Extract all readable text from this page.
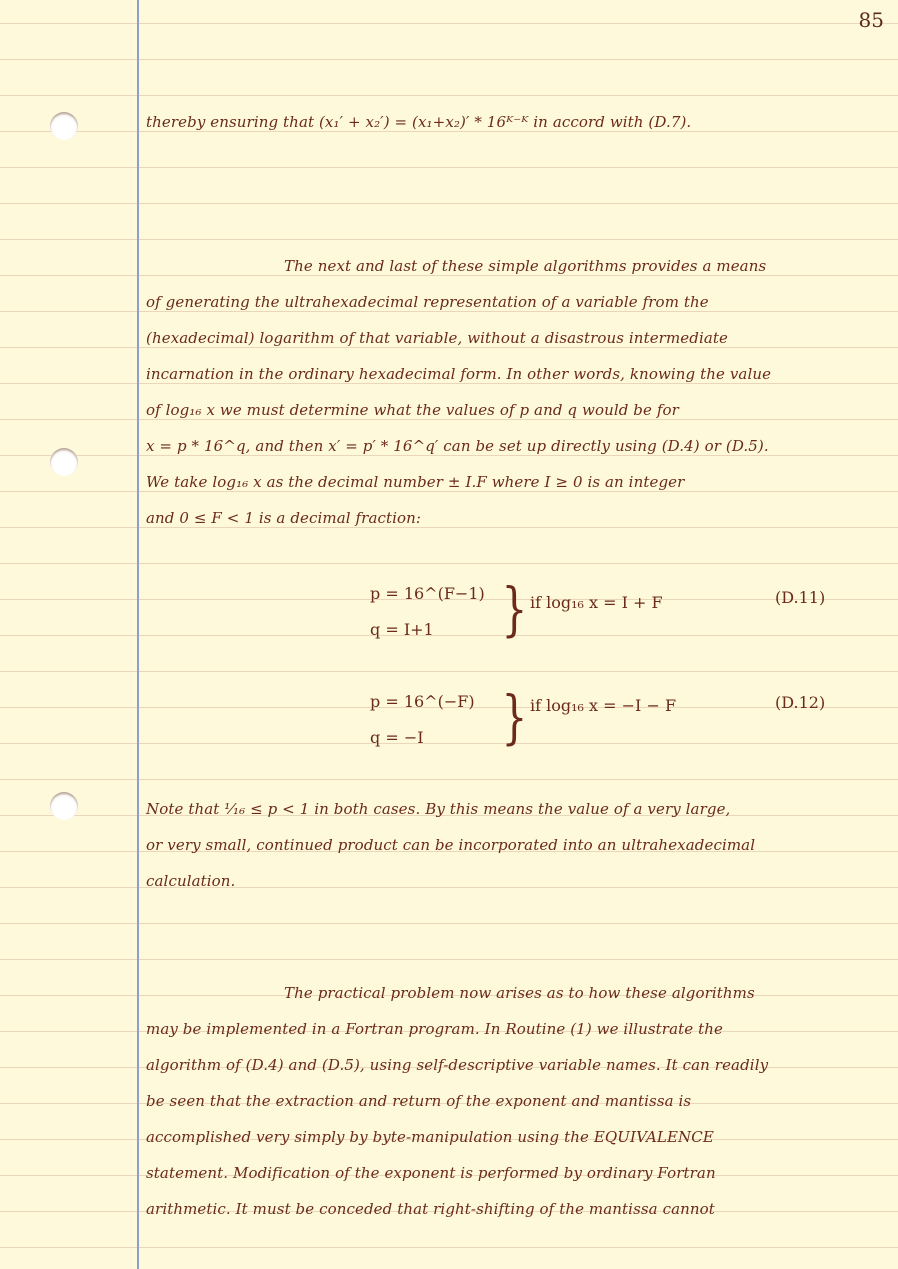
85
thereby ensuring that (x₁′ + x₂′) = (x₁+x₂)′ * 16ᴷ⁻ᴷ in accord with (D.7).
The next and last of these simple algorithms provides a means
of generating the ultrahexadecimal representation of a variable from the
(hexadecimal) logarithm of that variable, without a disastrous intermediate
incarnation in the ordinary hexadecimal form. In other words, knowing the value
of log₁₆ x we must determine what the values of p and q would be for
x = p * 16^q, and then x′ = p′ * 16^q′ can be set up directly using (D.4) or (D.5).
We take log₁₆ x as the decimal number ± I.F where I ≥ 0 is an integer
and 0 ≤ F < 1 is a decimal fraction:
p = 16^(F−1)
q = I+1 } if log₁₆ x = I + F	(D.11)
p = 16^(−F)
q = −I } if log₁₆ x = −I − F	(D.12)
Note that ¹⁄₁₆ ≤ p < 1 in both cases. By this means the value of a very large,
or very small, continued product can be incorporated into an ultrahexadecimal
calculation.
The practical problem now arises as to how these algorithms
may be implemented in a Fortran program. In Routine (1) we illustrate the
algorithm of (D.4) and (D.5), using self-descriptive variable names. It can readily
be seen that the extraction and return of the exponent and mantissa is
accomplished very simply by byte-manipulation using the EQUIVALENCE
statement. Modification of the exponent is performed by ordinary Fortran
arithmetic. It must be conceded that right-shifting of the mantissa cannot
